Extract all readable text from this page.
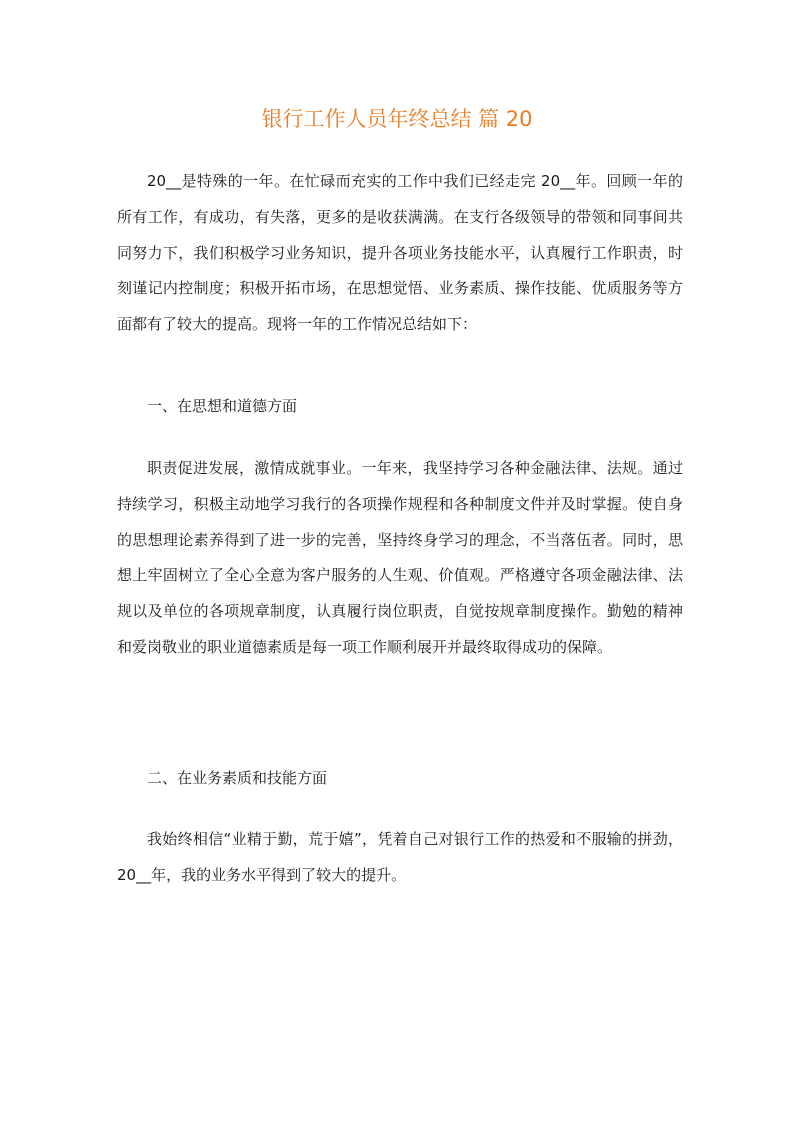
银行工作人员年终总结 篇 20

20__是特殊的一年。在忙碌而充实的工作中我们已经走完 20__年。回顾一年的所有工作，有成功，有失落，更多的是收获满满。在支行各级领导的带领和同事间共同努力下，我们积极学习业务知识，提升各项业务技能水平，认真履行工作职责，时刻谨记内控制度；积极开拓市场，在思想觉悟、业务素质、操作技能、优质服务等方面都有了较大的提高。现将一年的工作情况总结如下：

一、在思想和道德方面

职责促进发展，激情成就事业。一年来，我坚持学习各种金融法律、法规。通过持续学习，积极主动地学习我行的各项操作规程和各种制度文件并及时掌握。使自身的思想理论素养得到了进一步的完善，坚持终身学习的理念，不当落伍者。同时，思想上牢固树立了全心全意为客户服务的人生观、价值观。严格遵守各项金融法律、法规以及单位的各项规章制度，认真履行岗位职责，自觉按规章制度操作。勤勉的精神和爱岗敬业的职业道德素质是每一项工作顺利展开并最终取得成功的保障。

二、在业务素质和技能方面

我始终相信“业精于勤，荒于嬉”，凭着自己对银行工作的热爱和不服输的拼劲，20__年，我的业务水平得到了较大的提升。
